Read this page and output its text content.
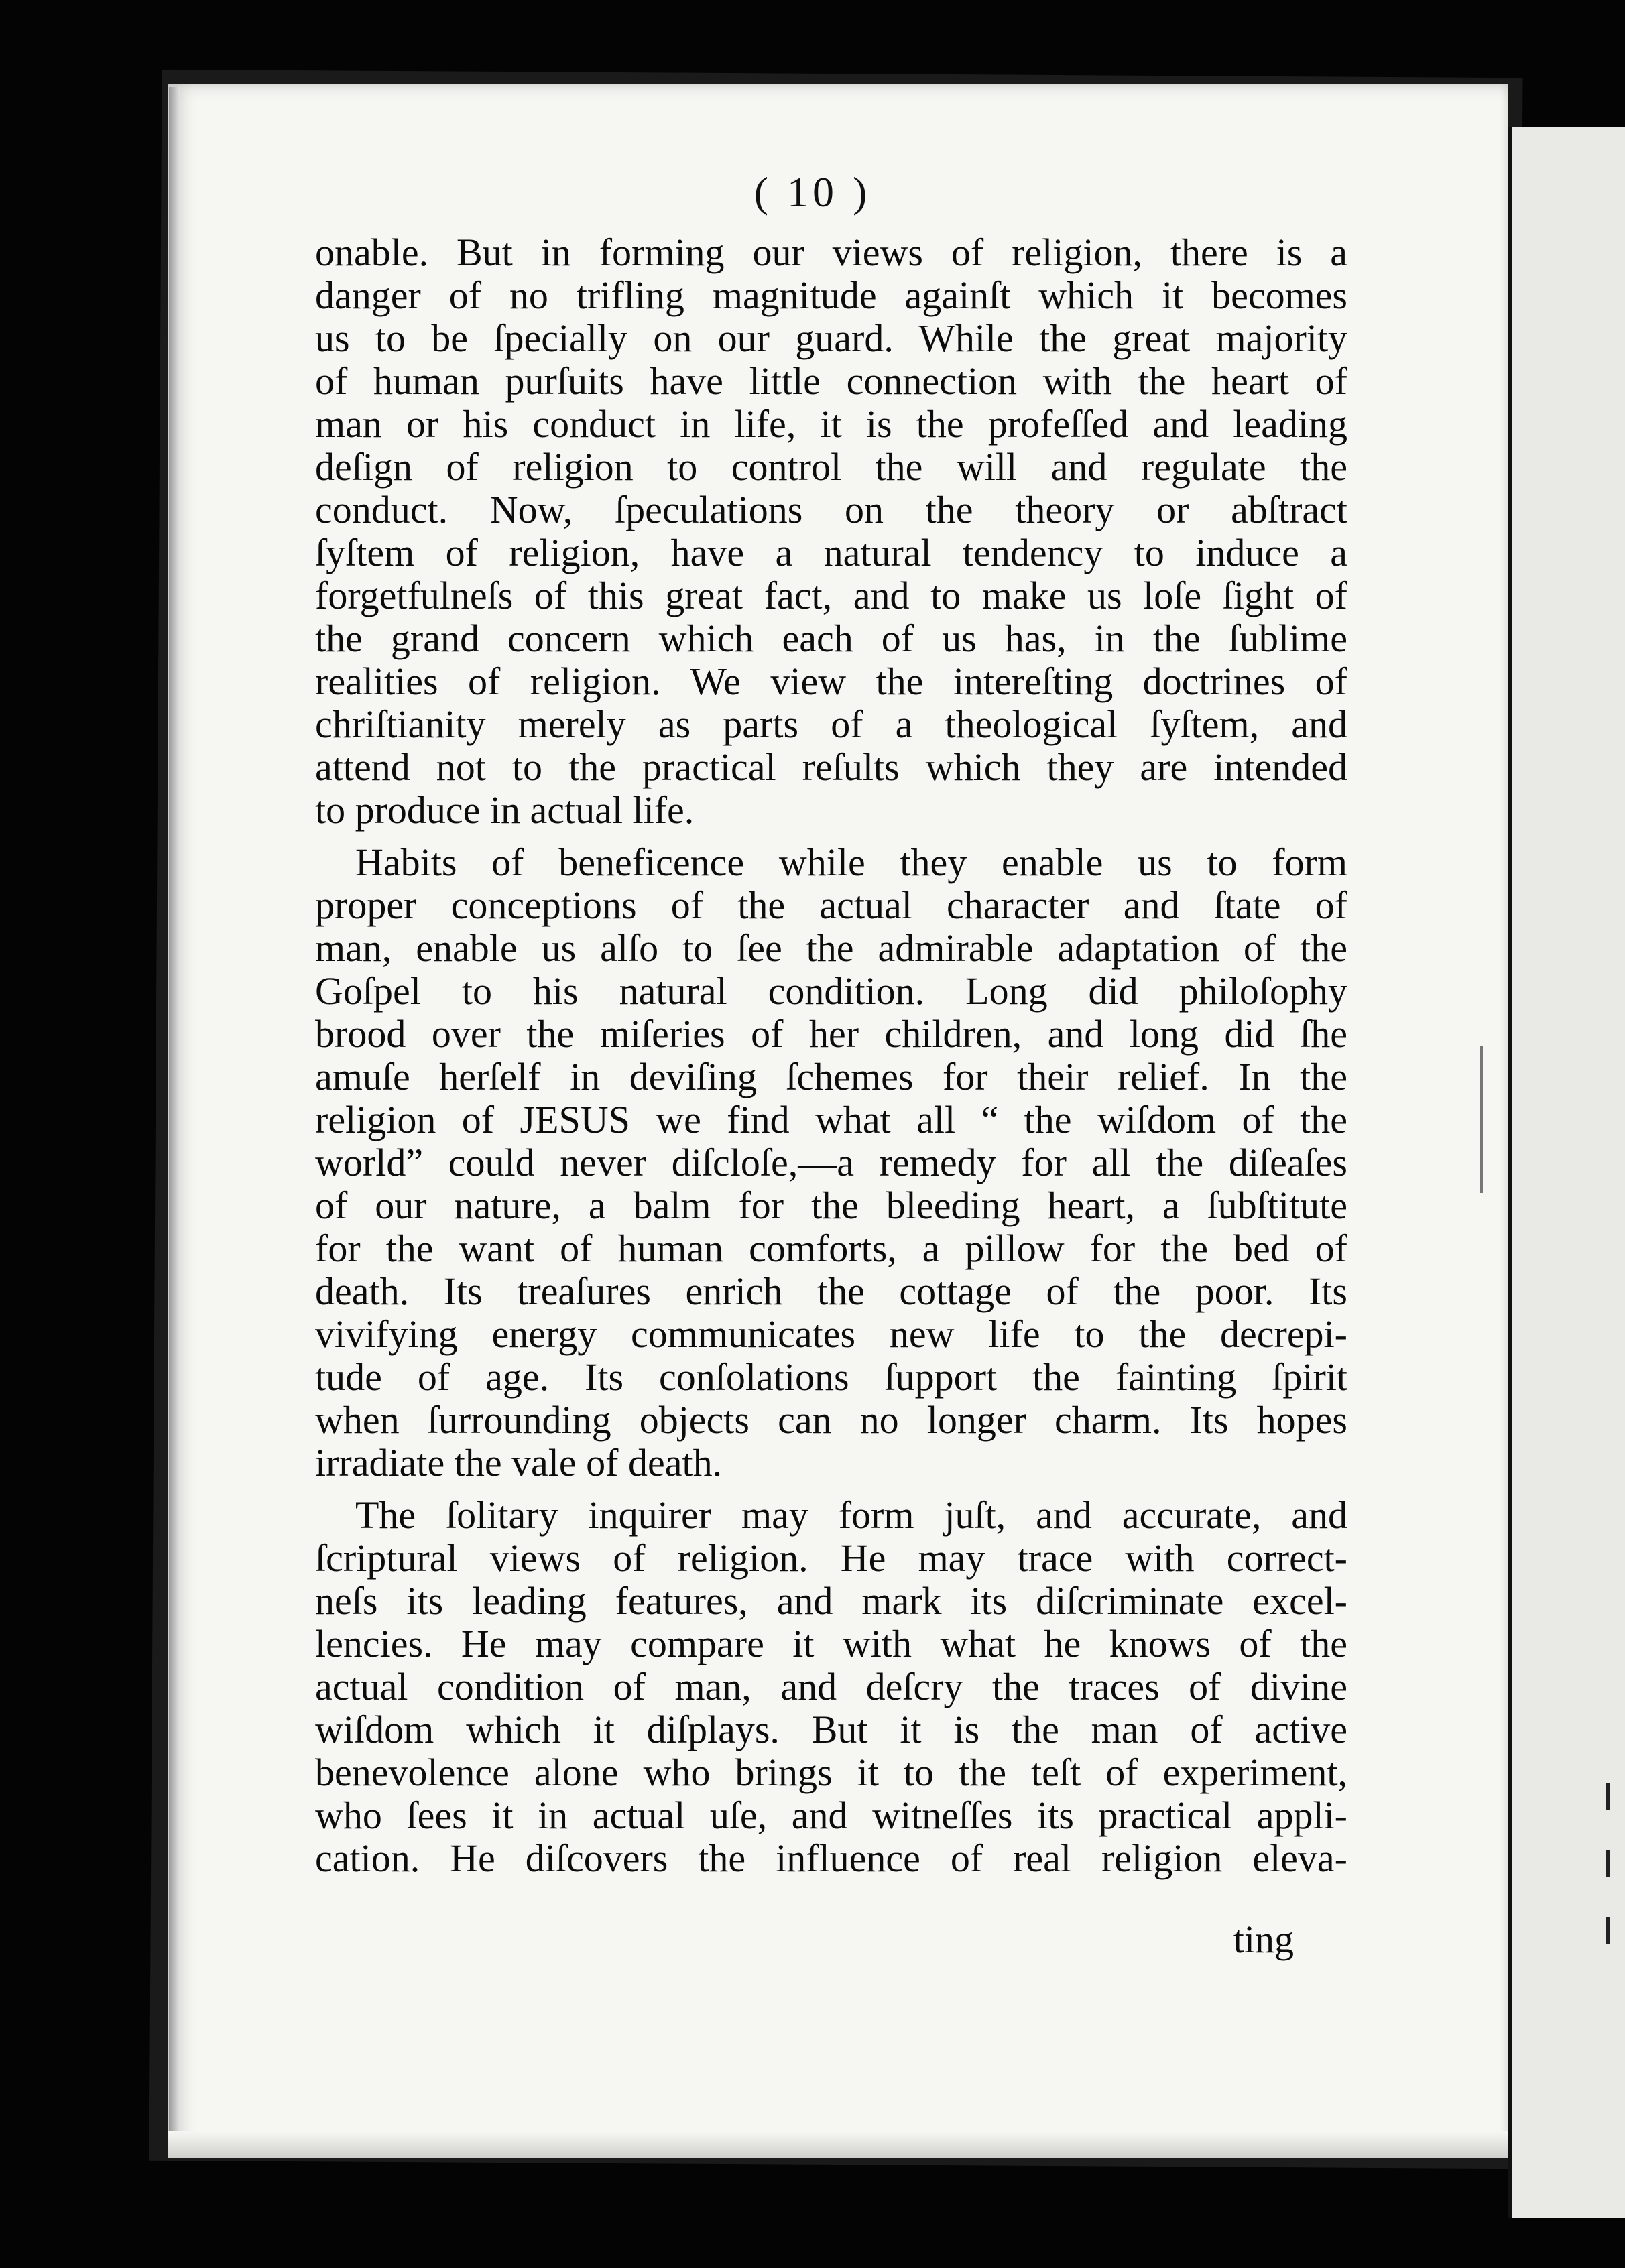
( 10 )
onable. But in forming our views of religion, there is a
danger of no trifling magnitude againſt which it becomes
us to be ſpecially on our guard. While the great majority
of human purſuits have little connection with the heart of
man or his conduct in life, it is the profeſſed and leading
deſign of religion to control the will and regulate the
conduct. Now, ſpeculations on the theory or abſtract
ſyſtem of religion, have a natural tendency to induce a
forgetfulneſs of this great fact, and to make us loſe ſight of
the grand concern which each of us has, in the ſublime
realities of religion. We view the intereſting doctrines of
chriſtianity merely as parts of a theological ſyſtem, and
attend not to the practical reſults which they are intended
to produce in actual life.
Habits of beneficence while they enable us to form
proper conceptions of the actual character and ſtate of
man, enable us alſo to ſee the admirable adaptation of the
Goſpel to his natural condition. Long did philoſophy
brood over the miſeries of her children, and long did ſhe
amuſe herſelf in deviſing ſchemes for their relief. In the
religion of JESUS we find what all “ the wiſdom of the
world” could never diſcloſe,—a remedy for all the diſeaſes
of our nature, a balm for the bleeding heart, a ſubſtitute
for the want of human comforts, a pillow for the bed of
death. Its treaſures enrich the cottage of the poor. Its
vivifying energy communicates new life to the decrepi-
tude of age. Its conſolations ſupport the fainting ſpirit
when ſurrounding objects can no longer charm. Its hopes
irradiate the vale of death.
The ſolitary inquirer may form juſt, and accurate, and
ſcriptural views of religion. He may trace with correct-
neſs its leading features, and mark its diſcriminate excel-
lencies. He may compare it with what he knows of the
actual condition of man, and deſcry the traces of divine
wiſdom which it diſplays. But it is the man of active
benevolence alone who brings it to the teſt of experiment,
who ſees it in actual uſe, and witneſſes its practical appli-
cation. He diſcovers the influence of real religion eleva-
ting
